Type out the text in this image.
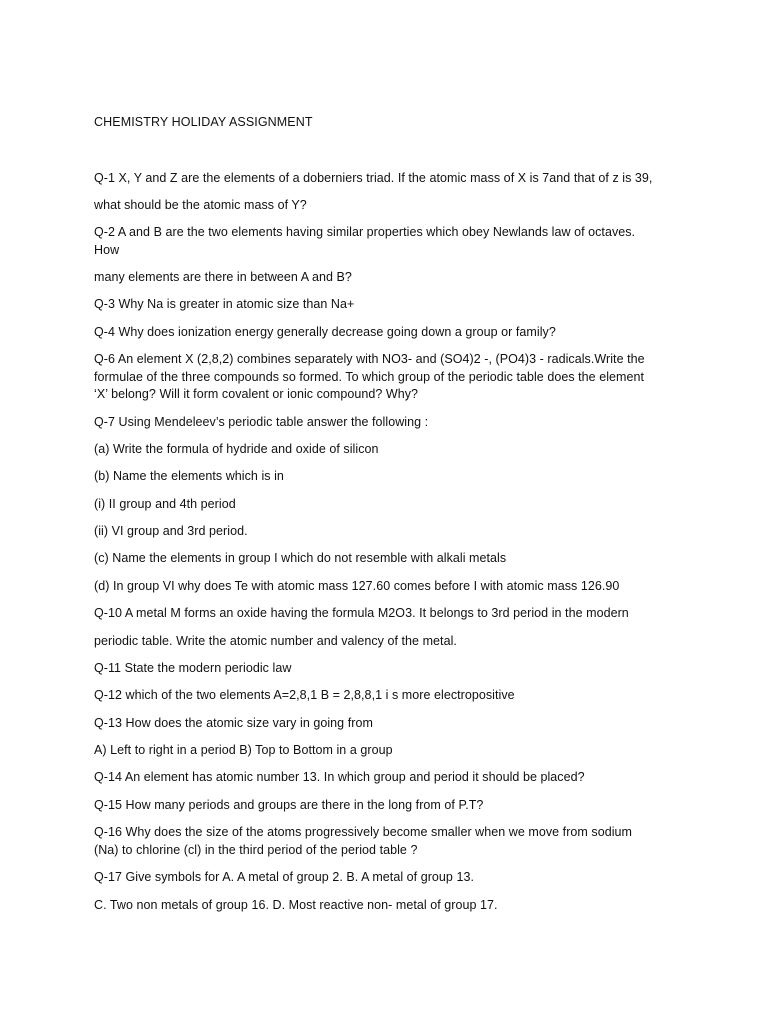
CHEMISTRY HOLIDAY ASSIGNMENT
Q-1 X, Y and Z are the elements of a doberniers triad. If the atomic mass of X is 7and that of z is 39,
what should be the atomic mass of Y?
Q-2 A and B are the two elements having similar properties which obey Newlands law of octaves.
How
many elements are there in between A and B?
Q-3 Why Na is greater in atomic size than Na+
Q-4 Why does ionization energy generally decrease going down a group or family?
Q-6 An element X (2,8,2) combines separately with NO3- and (SO4)2 -, (PO4)3 - radicals.Write the
formulae of the three compounds so formed. To which group of the periodic table does the element
‘X’ belong? Will it form covalent or ionic compound? Why?
Q-7 Using Mendeleev’s periodic table answer the following :
(a) Write the formula of hydride and oxide of silicon
(b) Name the elements which is in
(i) II group and 4th period
(ii) VI group and 3rd period.
(c) Name the elements in group I which do not resemble with alkali metals
(d) In group VI why does Te with atomic mass 127.60 comes before I with atomic mass 126.90
Q-10 A metal M forms an oxide having the formula M2O3. It belongs to 3rd period in the modern
periodic table. Write the atomic number and valency of the metal.
Q-11 State the modern periodic law
Q-12 which of the two elements A=2,8,1 B = 2,8,8,1 i s more electropositive
Q-13 How does the atomic size vary in going from
A) Left to right in a period B) Top to Bottom in a group
Q-14 An element has atomic number 13. In which group and period it should be placed?
Q-15 How many periods and groups are there in the long from of P.T?
Q-16 Why does the size of the atoms progressively become smaller when we move from sodium
(Na) to chlorine (cl) in the third period of the period table ?
Q-17 Give symbols for A. A metal of group 2. B. A metal of group 13.
C. Two non metals of group 16. D. Most reactive non- metal of group 17.
